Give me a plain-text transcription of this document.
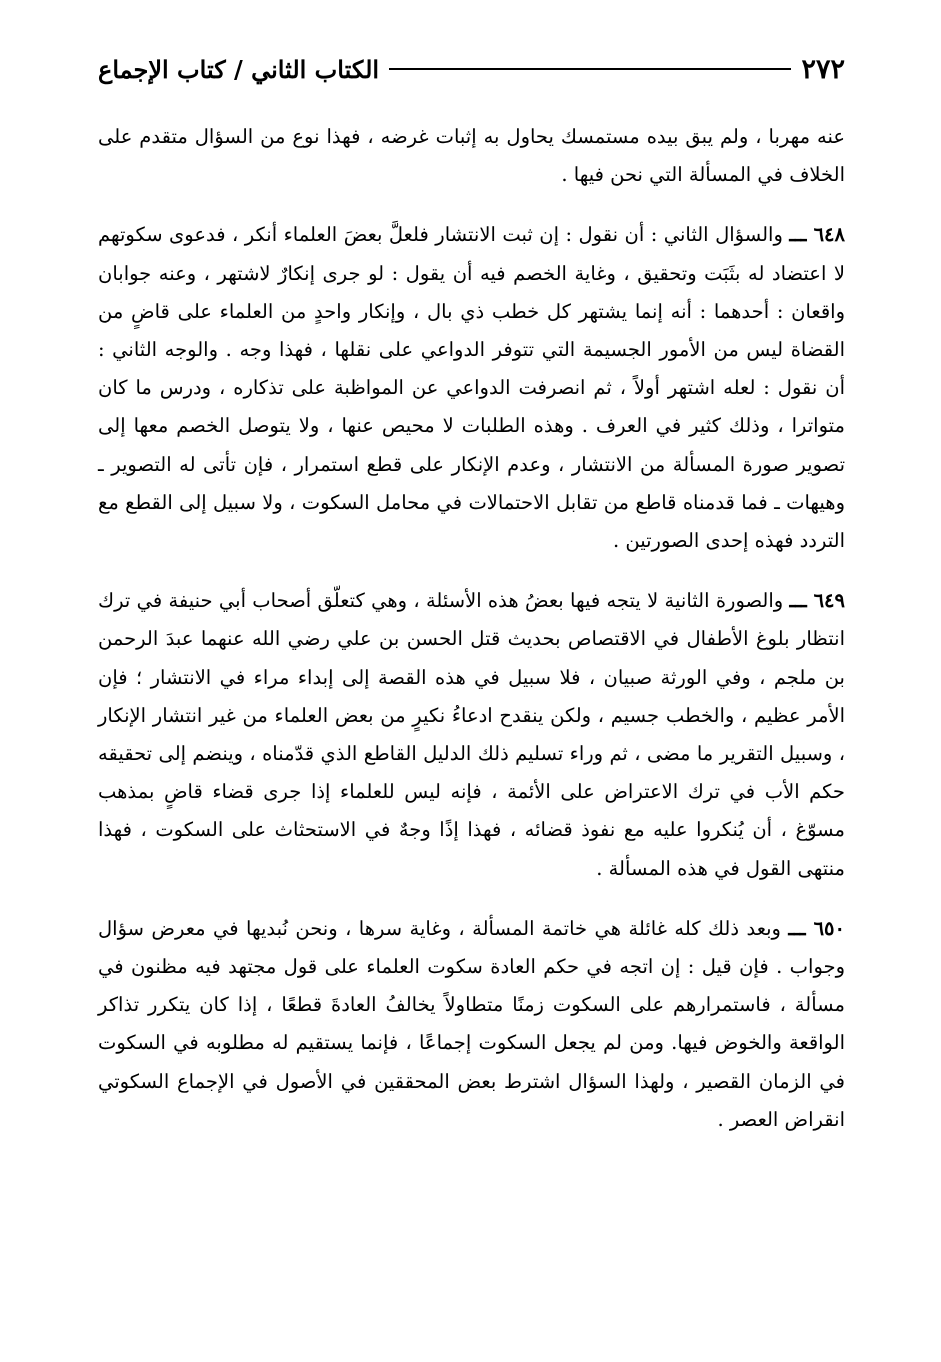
٢٧٢
الكتاب الثاني / كتاب الإجماع

عنه مهربا ، ولم يبق بيده مستمسك يحاول به إثبات غرضه ، فهذا نوع من السؤال متقدم على الخلاف في المسألة التي نحن فيها .

٦٤٨ ـــ والسؤال الثاني : أن نقول : إن ثبت الانتشار فلعلَّ بعضَ العلماء أنكر ، فدعوى سكوتهم لا اعتضاد له بثَبَت وتحقيق ، وغاية الخصم فيه أن يقول : لو جرى إنكارٌ لاشتهر ، وعنه جوابان واقعان : أحدهما : أنه إنما يشتهر كل خطب ذي بال ، وإنكار واحدٍ من العلماء على قاضٍ من القضاة ليس من الأمور الجسيمة التي تتوفر الدواعي على نقلها ، فهذا وجه . والوجه الثاني : أن نقول : لعله اشتهر أولاً ، ثم انصرفت الدواعي عن المواظبة على تذكاره ، ودرس ما كان متواترا ، وذلك كثير في العرف . وهذه الطلبات لا محيص عنها ، ولا يتوصل الخصم معها إلى تصوير صورة المسألة من الانتشار ، وعدم الإنكار على قطع استمرار ، فإن تأتى له التصوير ـ وهيهات ـ فما قدمناه قاطع من تقابل الاحتمالات في محامل السكوت ، ولا سبيل إلى القطع مع التردد فهذه إحدى الصورتين .

٦٤٩ ـــ والصورة الثانية لا يتجه فيها بعضُ هذه الأسئلة ، وهي كتعلّق أصحاب أبي حنيفة في ترك انتظار بلوغ الأطفال في الاقتصاص بحديث قتل الحسن بن علي رضي الله عنهما عبدَ الرحمن بن ملجم ، وفي الورثة صبيان ، فلا سبيل في هذه القصة إلى إبداء مراء في الانتشار ؛ فإن الأمر عظيم ، والخطب جسيم ، ولكن ينقدح ادعاءُ نكيرٍ من بعض العلماء من غير انتشار الإنكار ، وسبيل التقرير ما مضى ، ثم وراء تسليم ذلك الدليل القاطع الذي قدّمناه ، وينضم إلى تحقيقه حكم الأب في ترك الاعتراض على الأئمة ، فإنه ليس للعلماء إذا جرى قضاء قاضٍ بمذهب مسوّغ ، أن يُنكروا عليه مع نفوذ قضائه ، فهذا إذًا وجهٌ في الاستحثاث على السكوت ، فهذا منتهى القول في هذه المسألة .

٦٥٠ ـــ وبعد ذلك كله غائلة هي خاتمة المسألة ، وغاية سرها ، ونحن نُبديها في معرض سؤال وجواب . فإن قيل : إن اتجه في حكم العادة سكوت العلماء على قول مجتهد فيه مظنون في مسألة ، فاستمرارهم على السكوت زمنًا متطاولاً يخالفُ العادةَ قطعًا ، إذا كان يتكرر تذاكر الواقعة والخوض فيها. ومن لم يجعل السكوت إجماعًا ، فإنما يستقيم له مطلوبه في السكوت في الزمان القصير ، ولهذا السؤال اشترط بعض المحققين في الأصول في الإجماع السكوتي انقراض العصر .
